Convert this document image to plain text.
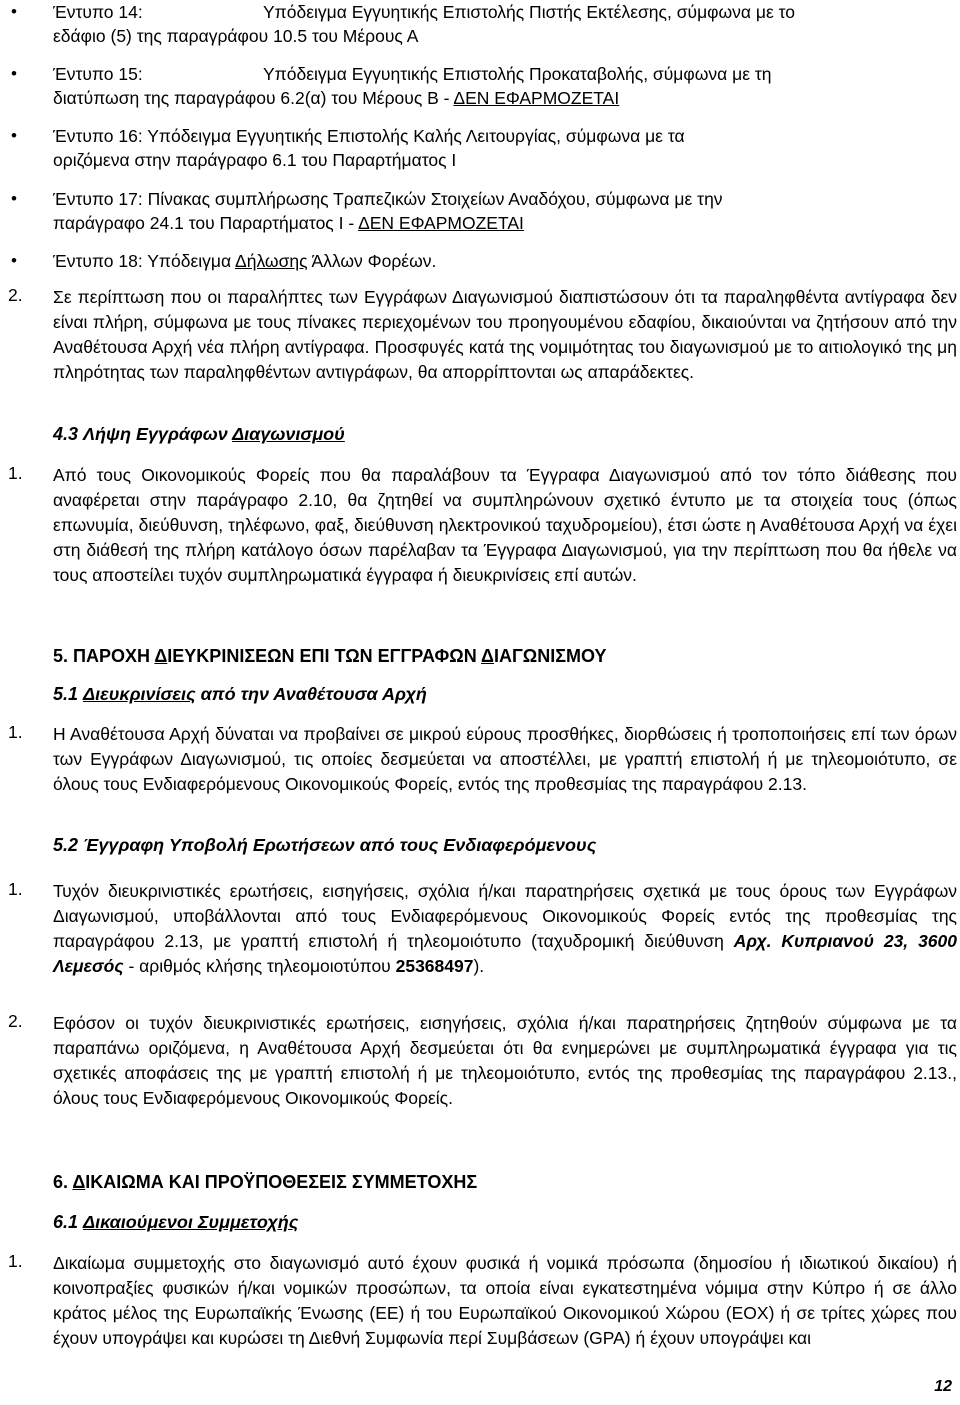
• Έντυπο 14:	Υπόδειγμα Εγγυητικής Επιστολής Πιστής Εκτέλεσης, σύμφωνα με το
εδάφιο (5) της παραγράφου 10.5 του Μέρους Α
• Έντυπο 15:	Υπόδειγμα Εγγυητικής Επιστολής Προκαταβολής, σύμφωνα με τη
διατύπωση της παραγράφου 6.2(α) του Μέρους Β - ΔΕΝ ΕΦΑΡΜΟΖΕΤΑΙ
• Έντυπο 16: Υπόδειγμα Εγγυητικής Επιστολής Καλής Λειτουργίας, σύμφωνα με τα
οριζόμενα στην παράγραφο 6.1 του Παραρτήματος Ι
• Έντυπο 17: Πίνακας συμπλήρωσης Τραπεζικών Στοιχείων Αναδόχου, σύμφωνα με την
παράγραφο 24.1 του Παραρτήματος Ι - ΔΕΝ ΕΦΑΡΜΟΖΕΤΑΙ
• Έντυπο 18: Υπόδειγμα Δήλωσης Άλλων Φορέων.
2. Σε περίπτωση που οι παραλήπτες των Εγγράφων Διαγωνισμού διαπιστώσουν ότι τα παραληφθέντα αντίγραφα δεν είναι πλήρη, σύμφωνα με τους πίνακες περιεχομένων του προηγουμένου εδαφίου, δικαιούνται να ζητήσουν από την Αναθέτουσα Αρχή νέα πλήρη αντίγραφα. Προσφυγές κατά της νομιμότητας του διαγωνισμού με το αιτιολογικό της μη πληρότητας των παραληφθέντων αντιγράφων, θα απορρίπτονται ως απαράδεκτες.

4.3 Λήψη Εγγράφων Διαγωνισμού
1. Από τους Οικονομικούς Φορείς που θα παραλάβουν τα Έγγραφα Διαγωνισμού από τον τόπο διάθεσης που αναφέρεται στην παράγραφο 2.10, θα ζητηθεί να συμπληρώνουν σχετικό έντυπο με τα στοιχεία τους (όπως επωνυμία, διεύθυνση, τηλέφωνο, φαξ, διεύθυνση ηλεκτρονικού ταχυδρομείου), έτσι ώστε η Αναθέτουσα Αρχή να έχει στη διάθεσή της πλήρη κατάλογο όσων παρέλαβαν τα Έγγραφα Διαγωνισμού, για την περίπτωση που θα ήθελε να τους αποστείλει τυχόν συμπληρωματικά έγγραφα ή διευκρινίσεις επί αυτών.

5. ΠΑΡΟΧΗ ΔΙΕΥΚΡΙΝΙΣΕΩΝ ΕΠΙ ΤΩΝ ΕΓΓΡΑΦΩΝ ΔΙΑΓΩΝΙΣΜΟΥ
5.1 Διευκρινίσεις από την Αναθέτουσα Αρχή
1. Η Αναθέτουσα Αρχή δύναται να προβαίνει σε μικρού εύρους προσθήκες, διορθώσεις ή τροποποιήσεις επί των όρων των Εγγράφων Διαγωνισμού, τις οποίες δεσμεύεται να αποστέλλει, με γραπτή επιστολή ή με τηλεομοιότυπο, σε όλους τους Ενδιαφερόμενους Οικονομικούς Φορείς, εντός της προθεσμίας της παραγράφου 2.13.

5.2 Έγγραφη Υποβολή Ερωτήσεων από τους Ενδιαφερόμενους
1. Τυχόν διευκρινιστικές ερωτήσεις, εισηγήσεις, σχόλια ή/και παρατηρήσεις σχετικά με τους όρους των Εγγράφων Διαγωνισμού, υποβάλλονται από τους Ενδιαφερόμενους Οικονομικούς Φορείς εντός της προθεσμίας της παραγράφου 2.13, με γραπτή επιστολή ή τηλεομοιότυπο (ταχυδρομική διεύθυνση Αρχ. Κυπριανού 23, 3600 Λεμεσός - αριθμός κλήσης τηλεομοιοτύπου 25368497).

2. Εφόσον οι τυχόν διευκρινιστικές ερωτήσεις, εισηγήσεις, σχόλια ή/και παρατηρήσεις ζητηθούν σύμφωνα με τα παραπάνω οριζόμενα, η Αναθέτουσα Αρχή δεσμεύεται ότι θα ενημερώνει με συμπληρωματικά έγγραφα για τις σχετικές αποφάσεις της με γραπτή επιστολή ή με τηλεομοιότυπο, εντός της προθεσμίας της παραγράφου 2.13., όλους τους Ενδιαφερόμενους Οικονομικούς Φορείς.

6. ΔΙΚΑΙΩΜΑ ΚΑΙ ΠΡΟΫΠΟΘΕΣΕΙΣ ΣΥΜΜΕΤΟΧΗΣ
6.1 Δικαιούμενοι Συμμετοχής
1. Δικαίωμα συμμετοχής στο διαγωνισμό αυτό έχουν φυσικά ή νομικά πρόσωπα (δημοσίου ή ιδιωτικού δικαίου) ή κοινοπραξίες φυσικών ή/και νομικών προσώπων, τα οποία είναι εγκατεστημένα νόμιμα στην Κύπρο ή σε άλλο κράτος μέλος της Ευρωπαϊκής Ένωσης (ΕΕ) ή του Ευρωπαϊκού Οικονομικού Χώρου (ΕΟΧ) ή σε τρίτες χώρες που έχουν υπογράψει και κυρώσει τη Διεθνή Συμφωνία περί Συμβάσεων (GPA) ή έχουν υπογράψει και

12
